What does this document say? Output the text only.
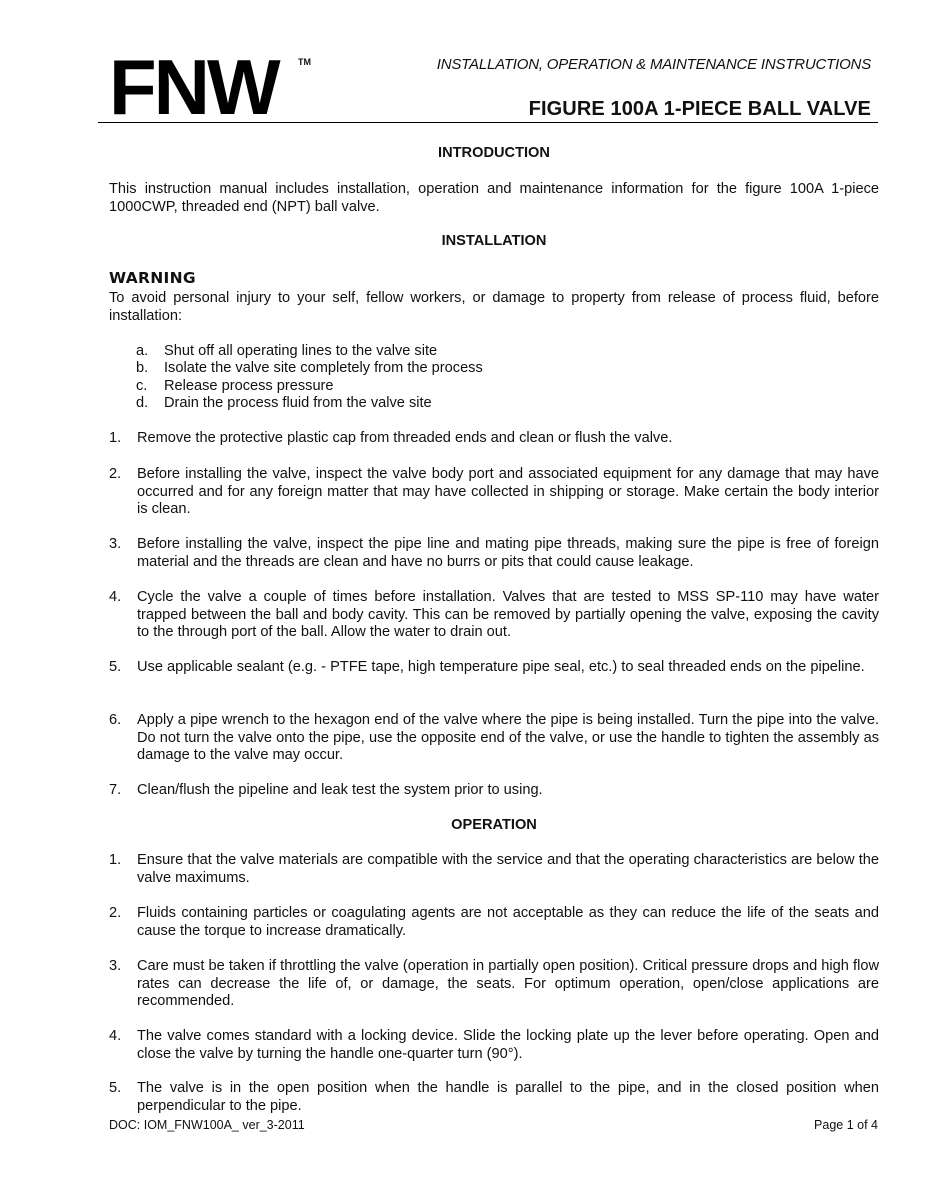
FNW TM	INSTALLATION, OPERATION & MAINTENANCE INSTRUCTIONS
FIGURE 100A 1-PIECE BALL VALVE
INTRODUCTION
This instruction manual includes installation, operation and maintenance information for the figure 100A 1-piece 1000CWP, threaded end (NPT) ball valve.
INSTALLATION
WARNING
To avoid personal injury to your self, fellow workers, or damage to property from release of process fluid, before installation:
a.	Shut off all operating lines to the valve site
b.	Isolate the valve site completely from the process
c.	Release process pressure
d.	Drain the process fluid from the valve site
1.	Remove the protective plastic cap from threaded ends and clean or flush the valve.
2.	Before installing the valve, inspect the valve body port and associated equipment for any damage that may have occurred and for any foreign matter that may have collected in shipping or storage. Make certain the body interior is clean.
3.	Before installing the valve, inspect the pipe line and mating pipe threads, making sure the pipe is free of foreign material and the threads are clean and have no burrs or pits that could cause leakage.
4.	Cycle the valve a couple of times before installation. Valves that are tested to MSS SP-110 may have water trapped between the ball and body cavity. This can be removed by partially opening the valve, exposing the cavity to the through port of the ball. Allow the water to drain out.
5.	Use applicable sealant (e.g. - PTFE tape, high temperature pipe seal, etc.) to seal threaded ends on the pipeline.
6.	Apply a pipe wrench to the hexagon end of the valve where the pipe is being installed. Turn the pipe into the valve. Do not turn the valve onto the pipe, use the opposite end of the valve, or use the handle to tighten the assembly as damage to the valve may occur.
7.	Clean/flush the pipeline and leak test the system prior to using.
OPERATION
1.	Ensure that the valve materials are compatible with the service and that the operating characteristics are below the valve maximums.
2.	Fluids containing particles or coagulating agents are not acceptable as they can reduce the life of the seats and cause the torque to increase dramatically.
3.	Care must be taken if throttling the valve (operation in partially open position). Critical pressure drops and high flow rates can decrease the life of, or damage, the seats. For optimum operation, open/close applications are recommended.
4.	The valve comes standard with a locking device. Slide the locking plate up the lever before operating. Open and close the valve by turning the handle one-quarter turn (90°).
5.	The valve is in the open position when the handle is parallel to the pipe, and in the closed position when perpendicular to the pipe.
DOC: IOM_FNW100A_ ver_3-2011	Page 1 of 4
